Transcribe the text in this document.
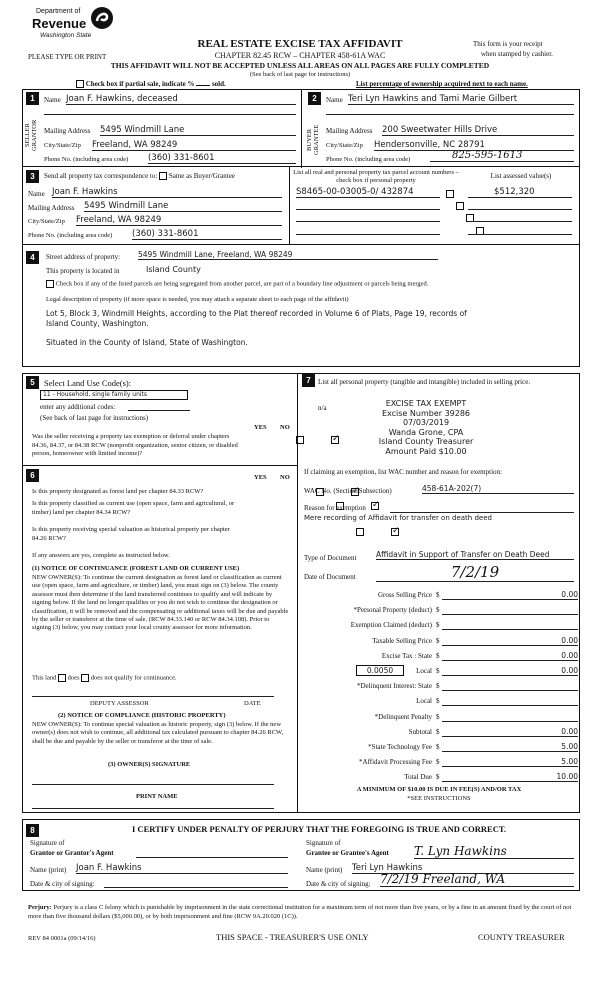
Department of
Revenue
Washington State
PLEASE TYPE OR PRINT
REAL ESTATE EXCISE TAX AFFIDAVIT
CHAPTER 82.45 RCW – CHAPTER 458-61A WAC
THIS AFFIDAVIT WILL NOT BE ACCEPTED UNLESS ALL AREAS ON ALL PAGES ARE FULLY COMPLETED
(See back of last page for instructions)
This form is your receipt
when stamped by cashier.
Check box if partial sale, indicate %	sold.	List percentage of ownership acquired next to each name.
1
SELLER GRANTOR
Name Joan F. Hawkins, deceased
Mailing Address 5495 Windmill Lane
City/State/Zip Freeland, WA 98249
Phone No. (including area code) (360) 331-8601
2
BUYER GRANTEE
Name Teri Lyn Hawkins and Tami Marie Gilbert
Mailing Address 200 Sweetwater Hills Drive
City/State/Zip Hendersonville, NC 28791
Phone No. (including area code)	825-595-1613
3	Send all property tax correspondence to: Same as Buyer/Grantee
Name Joan F. Hawkins
Mailing Address 5495 Windmill Lane
City/State/Zip Freeland, WA 98249
Phone No. (including area code) (360) 331-8601
List all real and personal property tax parcel account numbers – check box if personal property
List assessed value(s)
S8465-00-03005-0/ 432874
	$512,320

4	Street address of property: 5495 Windmill Lane, Freeland, WA 98249
This property is located in	Island County
Check box if any of the listed parcels are being segregated from another parcel, are part of a boundary line adjustment or parcels being merged.
Legal description of property (if more space is needed, you may attach a separate sheet to each page of the affidavit)
Lot 5, Block 3, Windmill Heights, according to the Plat thereof recorded in Volume 6 of Plats, Page 19, records of Island County, Washington.
Situated in the County of Island, State of Washington.
5	Select Land Use Code(s):
11 - Household, single family units
enter any additional codes:
(See back of last page for instructions)
YES NO
Was the seller receiving a property tax exemption or deferral under chapters 84.36, 84.37, or 84.38 RCW (nonprofit organization, senior citizen, or disabled person, homeowner with limited income)?
✓
6	YES NO
Is this property designated as forest land per chapter 84.33 RCW?
✓
Is this property classified as current use (open space, farm and agricultural, or timber) land per chapter 84.34 RCW?
✓
Is this property receiving special valuation as historical property per chapter 84.26 RCW?
✓
If any answers are yes, complete as instructed below.
(1) NOTICE OF CONTINUANCE (FOREST LAND OR CURRENT USE)
NEW OWNER(S): To continue the current designation as forest land or classification as current use (open space, farm and agriculture, or timber) land, you must sign on (3) below. The county assessor must then determine if the land transferred continues to qualify and will indicate by signing below. If the land no longer qualifies or you do not wish to continue the designation or classification, it will be removed and the compensating or additional taxes will be due and payable by the seller or transferor at the time of sale. (RCW 84.33.140 or RCW 84.34.108). Prior to signing (3) below, you may contact your local county assessor for more information.
This land does does not qualify for continuance.
DEPUTY ASSESSOR	DATE
(2) NOTICE OF COMPLIANCE (HISTORIC PROPERTY)
NEW OWNER(S): To continue special valuation as historic property, sign (3) below. If the new owner(s) does not wish to continue, all additional tax calculated pursuant to chapter 84.26 RCW, shall be due and payable by the seller or transferor at the time of sale.
(3) OWNER(S) SIGNATURE
PRINT NAME
7	List all personal property (tangible and intangible) included in selling price.
n/a	EXCISE TAX EXEMPT
Excise Number 39286
07/03/2019
Wanda Grone, CPA
Island County Treasurer
Amount Paid $10.00
If claiming an exemption, list WAC number and reason for exemption:
WAC No. (Section/Subsection)	458-61A-202(7)
Reason for exemption
Mere recording of Affidavit for transfer on death deed
Type of Document	Affidavit in Support of Transfer on Death Deed
Date of Document	7/2/19
Gross Selling Price $	0.00
*Personal Property (deduct) $
Exemption Claimed (deduct) $
Taxable Selling Price $	0.00
Excise Tax : State $	0.00
Local $	0.00
0.0050
*Delinquent Interest: State $
Local $
*Delinquent Penalty $
Subtotal $	0.00
*State Technology Fee $	5.00
*Affidavit Processing Fee $	5.00
Total Due $	10.00
A MINIMUM OF $10.00 IS DUE IN FEE(S) AND/OR TAX
*SEE INSTRUCTIONS
8	I CERTIFY UNDER PENALTY OF PERJURY THAT THE FOREGOING IS TRUE AND CORRECT.
Signature of
Grantor or Grantor's Agent
Name (print) Joan F. Hawkins
Date & city of signing:
Signature of
Grantee or Grantee's Agent T. Lyn Hawkins
Name (print) Teri Lyn Hawkins
Date & city of signing: 7/2/19 Freeland, WA
Perjury: Perjury is a class C felony which is punishable by imprisonment in the state correctional institution for a maximum term of not more than five years, or by a fine in an amount fixed by the court of not more than five thousand dollars ($5,000.00), or by both imprisonment and fine (RCW 9A.20.020 (1C)).
REV 84 0001a (09/14/16)	THIS SPACE - TREASURER'S USE ONLY	COUNTY TREASURER
